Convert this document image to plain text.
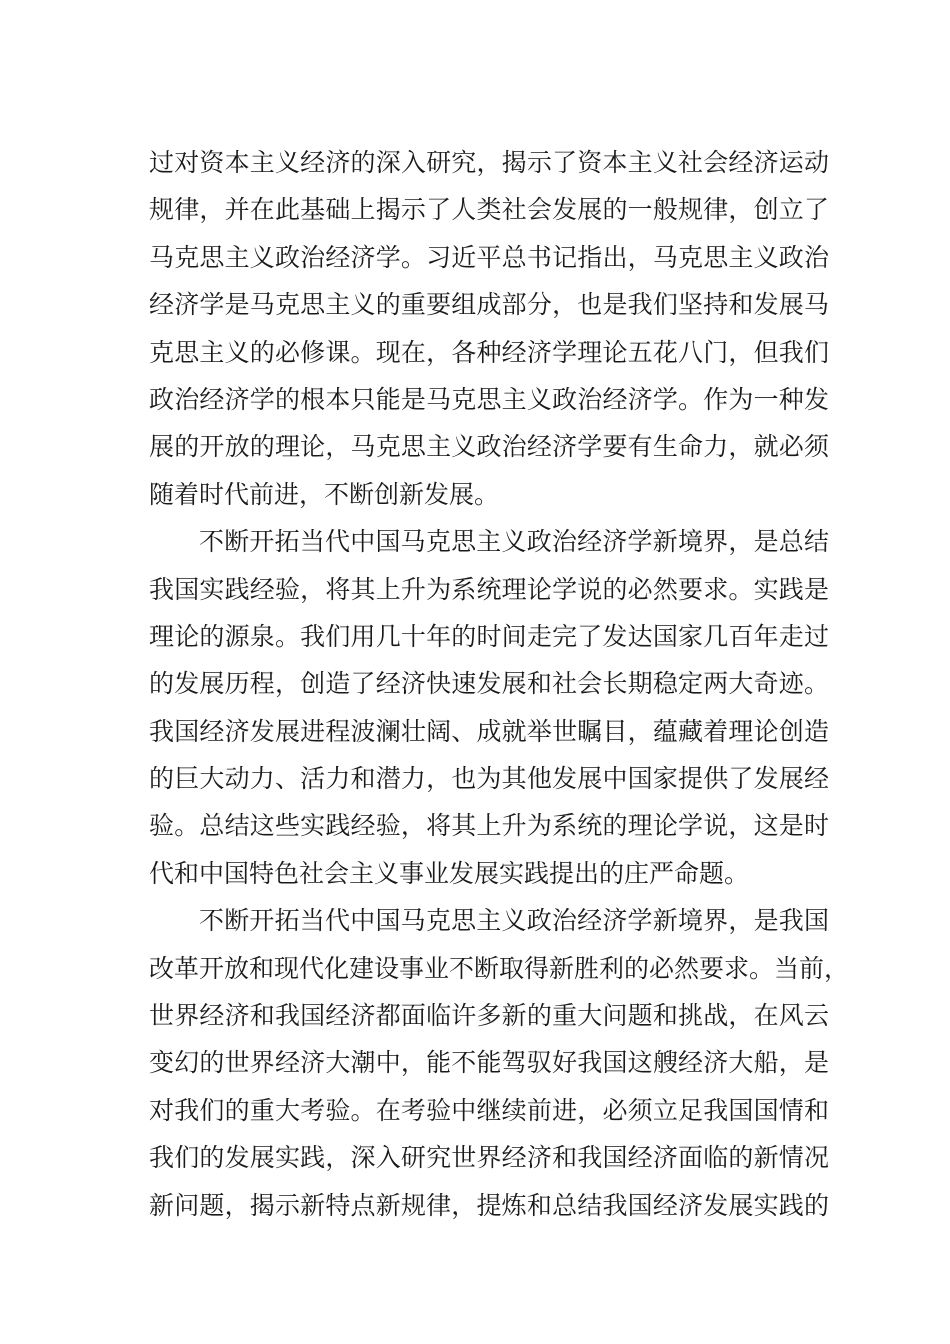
过对资本主义经济的深入研究，揭示了资本主义社会经济运动
规律，并在此基础上揭示了人类社会发展的一般规律，创立了
马克思主义政治经济学。习近平总书记指出，马克思主义政治
经济学是马克思主义的重要组成部分，也是我们坚持和发展马
克思主义的必修课。现在，各种经济学理论五花八门，但我们
政治经济学的根本只能是马克思主义政治经济学。作为一种发
展的开放的理论，马克思主义政治经济学要有生命力，就必须
随着时代前进，不断创新发展。
不断开拓当代中国马克思主义政治经济学新境界，是总结
我国实践经验，将其上升为系统理论学说的必然要求。实践是
理论的源泉。我们用几十年的时间走完了发达国家几百年走过
的发展历程，创造了经济快速发展和社会长期稳定两大奇迹。
我国经济发展进程波澜壮阔、成就举世瞩目，蕴藏着理论创造
的巨大动力、活力和潜力，也为其他发展中国家提供了发展经
验。总结这些实践经验，将其上升为系统的理论学说，这是时
代和中国特色社会主义事业发展实践提出的庄严命题。
不断开拓当代中国马克思主义政治经济学新境界，是我国
改革开放和现代化建设事业不断取得新胜利的必然要求。当前，
世界经济和我国经济都面临许多新的重大问题和挑战，在风云
变幻的世界经济大潮中，能不能驾驭好我国这艘经济大船，是
对我们的重大考验。在考验中继续前进，必须立足我国国情和
我们的发展实践，深入研究世界经济和我国经济面临的新情况
新问题，揭示新特点新规律，提炼和总结我国经济发展实践的
